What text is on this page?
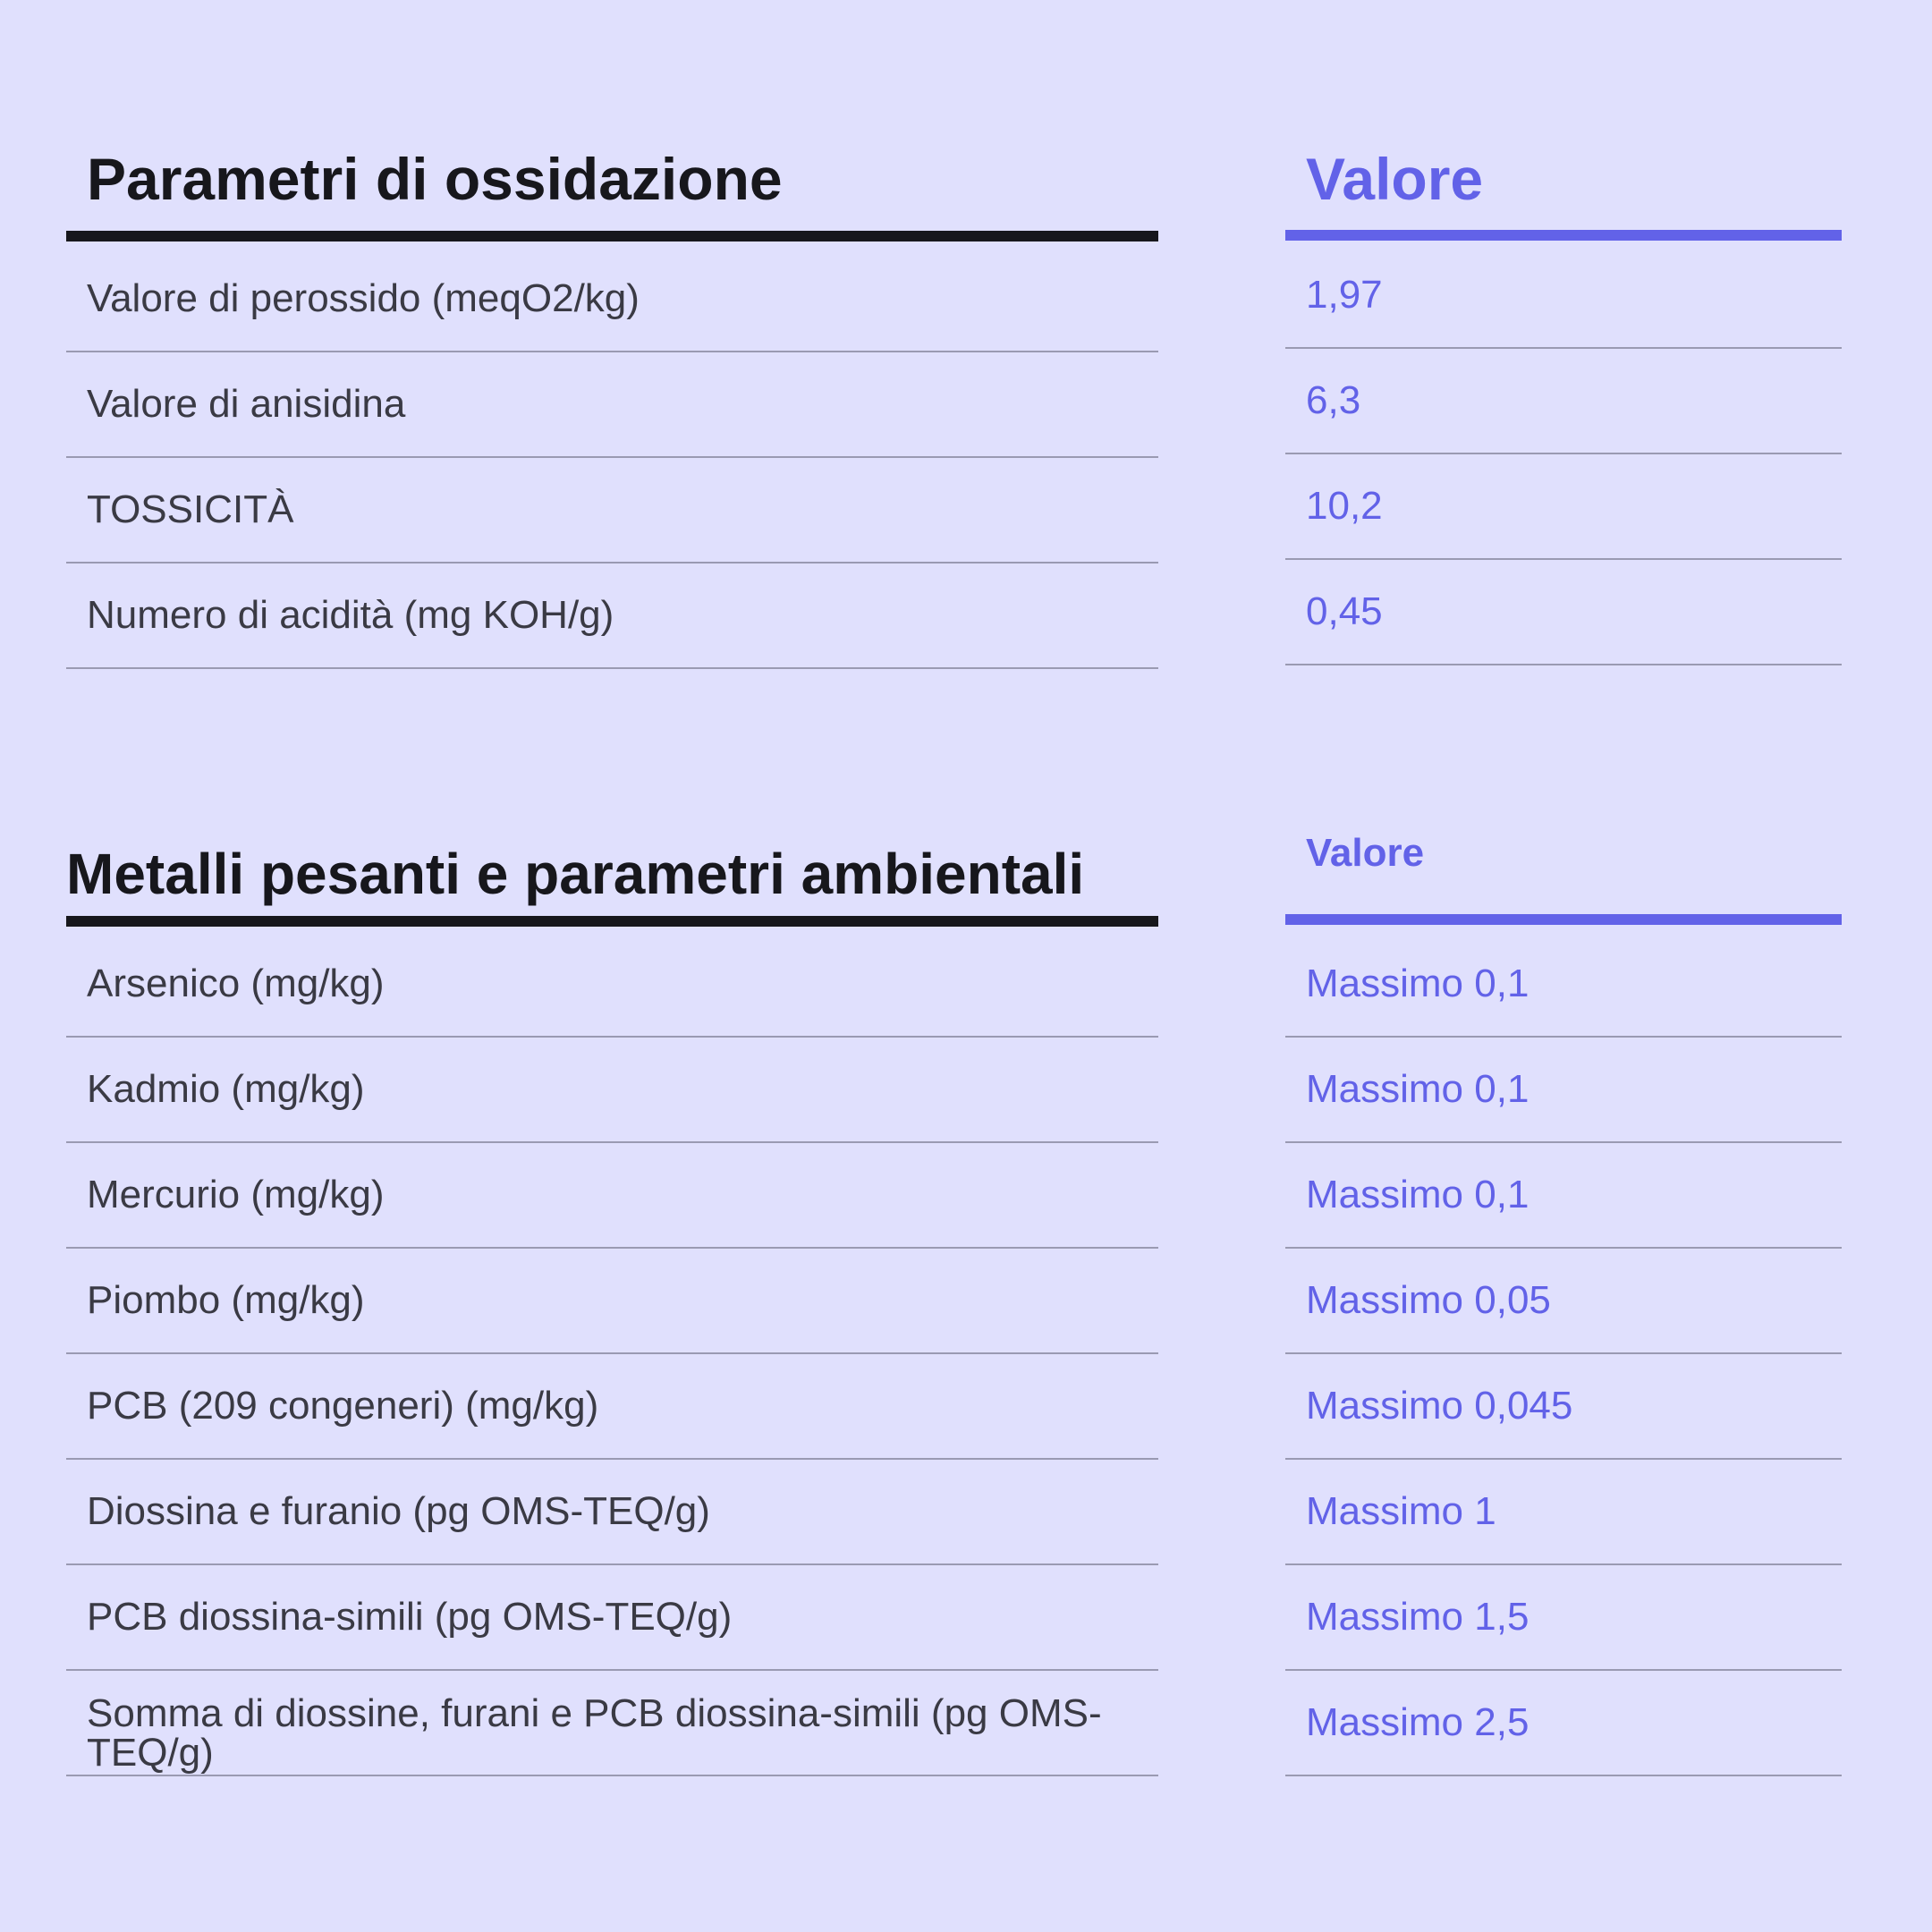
Parametri di ossidazione
Valore di perossido (meqO2/kg)
Valore di anisidina
TOSSICITÀ
Numero di acidità (mg KOH/g)
Valore
1,97
6,3
10,2
0,45
Metalli pesanti e parametri ambientali
Arsenico (mg/kg)
Kadmio (mg/kg)
Mercurio (mg/kg)
Piombo (mg/kg)
PCB (209 congeneri) (mg/kg)
Diossina e furanio (pg OMS-TEQ/g)
PCB diossina-simili (pg OMS-TEQ/g)
Somma di diossine, furani e PCB diossina-simili (pg OMS-TEQ/g)
Valore
Massimo 0,1
Massimo 0,1
Massimo 0,1
Massimo 0,05
Massimo 0,045
Massimo 1
Massimo 1,5
Massimo 2,5
